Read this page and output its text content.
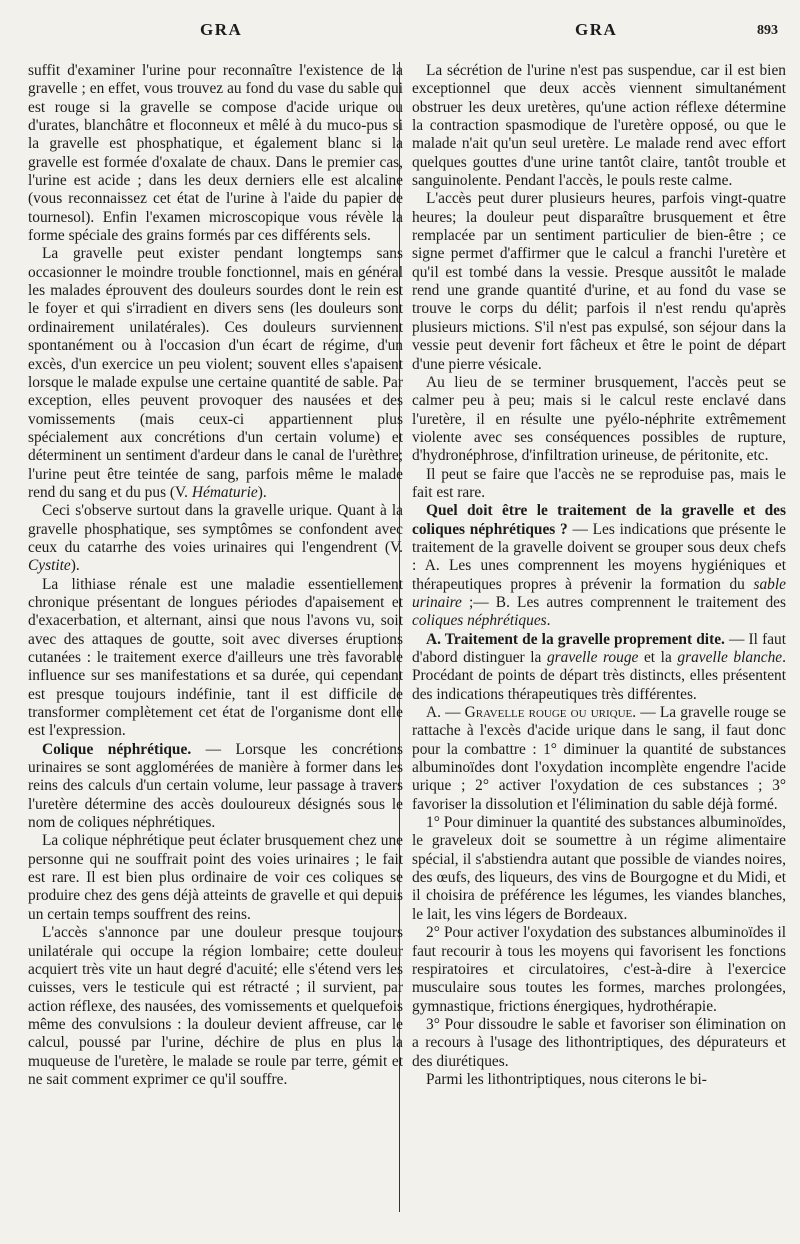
GRA	GRA	893

suffit d'examiner l'urine pour reconnaître l'existence de la gravelle ; en effet, vous trouvez au fond du vase du sable qui est rouge si la gravelle se compose d'acide urique ou d'urates, blanchâtre et floconneux et mêlé à du muco-pus si la gravelle est phosphatique, et également blanc si la gravelle est formée d'oxalate de chaux. Dans le premier cas, l'urine est acide ; dans les deux derniers elle est alcaline (vous reconnaissez cet état de l'urine à l'aide du papier de tournesol). Enfin l'examen microscopique vous révèle la forme spéciale des grains formés par ces différents sels.

La gravelle peut exister pendant longtemps sans occasionner le moindre trouble fonctionnel, mais en général les malades éprouvent des douleurs sourdes dont le rein est le foyer et qui s'irradient en divers sens (les douleurs sont ordinairement unilatérales). Ces douleurs surviennent spontanément ou à l'occasion d'un écart de régime, d'un excès, d'un exercice un peu violent; souvent elles s'apaisent lorsque le malade expulse une certaine quantité de sable. Par exception, elles peuvent provoquer des nausées et des vomissements (mais ceux-ci appartiennent plus spécialement aux concrétions d'un certain volume) et déterminent un sentiment d'ardeur dans le canal de l'urèthre; l'urine peut être teintée de sang, parfois même le malade rend du sang et du pus (V. Hématurie).

Ceci s'observe surtout dans la gravelle urique. Quant à la gravelle phosphatique, ses symptômes se confondent avec ceux du catarrhe des voies urinaires qui l'engendrent (V. Cystite).

La lithiase rénale est une maladie essentiellement chronique présentant de longues périodes d'apaisement et d'exacerbation, et alternant, ainsi que nous l'avons vu, soit avec des attaques de goutte, soit avec diverses éruptions cutanées : le traitement exerce d'ailleurs une très favorable influence sur ses manifestations et sa durée, qui cependant est presque toujours indéfinie, tant il est difficile de transformer complètement cet état de l'organisme dont elle est l'expression.

Colique néphrétique. — Lorsque les concrétions urinaires se sont agglomérées de manière à former dans les reins des calculs d'un certain volume, leur passage à travers l'uretère détermine des accès douloureux désignés sous le nom de coliques néphrétiques.

La colique néphrétique peut éclater brusquement chez une personne qui ne souffrait point des voies urinaires ; le fait est rare. Il est bien plus ordinaire de voir ces coliques se produire chez des gens déjà atteints de gravelle et qui depuis un certain temps souffrent des reins.

L'accès s'annonce par une douleur presque toujours unilatérale qui occupe la région lombaire; cette douleur acquiert très vite un haut degré d'acuité; elle s'étend vers les cuisses, vers le testicule qui est rétracté ; il survient, par action réflexe, des nausées, des vomissements et quelquefois même des convulsions : la douleur devient affreuse, car le calcul, poussé par l'urine, déchire de plus en plus la muqueuse de l'uretère, le malade se roule par terre, gémit et ne sait comment exprimer ce qu'il souffre.

La sécrétion de l'urine n'est pas suspendue, car il est bien exceptionnel que deux accès viennent simultanément obstruer les deux uretères, qu'une action réflexe détermine la contraction spasmodique de l'uretère opposé, ou que le malade n'ait qu'un seul uretère. Le malade rend avec effort quelques gouttes d'une urine tantôt claire, tantôt trouble et sanguinolente. Pendant l'accès, le pouls reste calme.

L'accès peut durer plusieurs heures, parfois vingt-quatre heures; la douleur peut disparaître brusquement et être remplacée par un sentiment particulier de bien-être ; ce signe permet d'affirmer que le calcul a franchi l'uretère et qu'il est tombé dans la vessie. Presque aussitôt le malade rend une grande quantité d'urine, et au fond du vase se trouve le corps du délit; parfois il n'est rendu qu'après plusieurs mictions. S'il n'est pas expulsé, son séjour dans la vessie peut devenir fort fâcheux et être le point de départ d'une pierre vésicale.

Au lieu de se terminer brusquement, l'accès peut se calmer peu à peu; mais si le calcul reste enclavé dans l'uretère, il en résulte une pyélo-néphrite extrêmement violente avec ses conséquences possibles de rupture, d'hydronéphrose, d'infiltration urineuse, de péritonite, etc.

Il peut se faire que l'accès ne se reproduise pas, mais le fait est rare.

Quel doit être le traitement de la gravelle et des coliques néphrétiques ? — Les indications que présente le traitement de la gravelle doivent se grouper sous deux chefs : A. Les unes comprennent les moyens hygiéniques et thérapeutiques propres à prévenir la formation du sable urinaire ;— B. Les autres comprennent le traitement des coliques néphrétiques.

A. Traitement de la gravelle proprement dite. — Il faut d'abord distinguer la gravelle rouge et la gravelle blanche. Procédant de points de départ très distincts, elles présentent des indications thérapeutiques très différentes.

A. — Gravelle rouge ou urique. — La gravelle rouge se rattache à l'excès d'acide urique dans le sang, il faut donc pour la combattre : 1° diminuer la quantité de substances albuminoïdes dont l'oxydation incomplète engendre l'acide urique ; 2° activer l'oxydation de ces substances ; 3° favoriser la dissolution et l'élimination du sable déjà formé.

1° Pour diminuer la quantité des substances albuminoïdes, le graveleux doit se soumettre à un régime alimentaire spécial, il s'abstiendra autant que possible de viandes noires, des œufs, des liqueurs, des vins de Bourgogne et du Midi, et il choisira de préférence les légumes, les viandes blanches, le lait, les vins légers de Bordeaux.

2° Pour activer l'oxydation des substances albuminoïdes il faut recourir à tous les moyens qui favorisent les fonctions respiratoires et circulatoires, c'est-à-dire à l'exercice musculaire sous toutes les formes, marches prolongées, gymnastique, frictions énergiques, hydrothérapie.

3° Pour dissoudre le sable et favoriser son élimination on a recours à l'usage des lithontriptiques, des dépurateurs et des diurétiques.

Parmi les lithontriptiques, nous citerons le bi-
